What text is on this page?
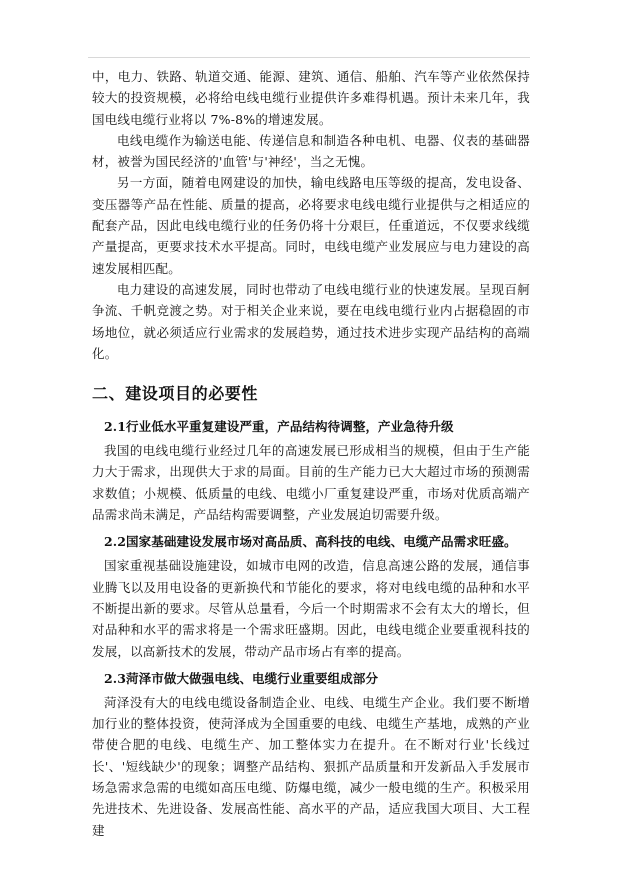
中，电力、铁路、轨道交通、能源、建筑、通信、船舶、汽车等产业依然保持较大的投资规模，必将给电线电缆行业提供许多难得机遇。预计未来几年，我国电线电缆行业将以 7%-8%的增速发展。

电线电缆作为输送电能、传递信息和制造各种电机、电器、仪表的基础器材，被誉为国民经济的'血管'与'神经'，当之无愧。

另一方面，随着电网建设的加快，输电线路电压等级的提高，发电设备、变压器等产品在性能、质量的提高，必将要求电线电缆行业提供与之相适应的配套产品，因此电线电缆行业的任务仍将十分艰巨，任重道远，不仅要求线缆产量提高，更要求技术水平提高。同时，电线电缆产业发展应与电力建设的高速发展相匹配。

电力建设的高速发展，同时也带动了电线电缆行业的快速发展。呈现百舸争流、千帆竞渡之势。对于相关企业来说，要在电线电缆行业内占据稳固的市场地位，就必须适应行业需求的发展趋势，通过技术进步实现产品结构的高端化。

二、建设项目的必要性
2.1行业低水平重复建设严重，产品结构待调整，产业急待升级

我国的电线电缆行业经过几年的高速发展已形成相当的规模，但由于生产能力大于需求，出现供大于求的局面。目前的生产能力已大大超过市场的预测需求数值；小规模、低质量的电线、电缆小厂重复建设严重，市场对优质高端产品需求尚未满足，产品结构需要调整，产业发展迫切需要升级。

2.2国家基础建设发展市场对高品质、高科技的电线、电缆产品需求旺盛。

国家重视基础设施建设，如城市电网的改造，信息高速公路的发展，通信事业腾飞以及用电设备的更新换代和节能化的要求，将对电线电缆的品种和水平不断提出新的要求。尽管从总量看，今后一个时期需求不会有太大的增长，但对品种和水平的需求将是一个需求旺盛期。因此，电线电缆企业要重视科技的发展，以高新技术的发展，带动产品市场占有率的提高。

2.3菏泽市做大做强电线、电缆行业重要组成部分

菏泽没有大的电线电缆设备制造企业、电线、电缆生产企业。我们要不断增加行业的整体投资，使菏泽成为全国重要的电线、电缆生产基地，成熟的产业带使合肥的电线、电缆生产、加工整体实力在提升。在不断对行业'长线过长'、'短线缺少'的现象；调整产品结构、狠抓产品质量和开发新品入手发展市场急需求急需的电缆如高压电缆、防爆电缆，减少一般电缆的生产。积极采用先进技术、先进设备、发展高性能、高水平的产品，适应我国大项目、大工程建
